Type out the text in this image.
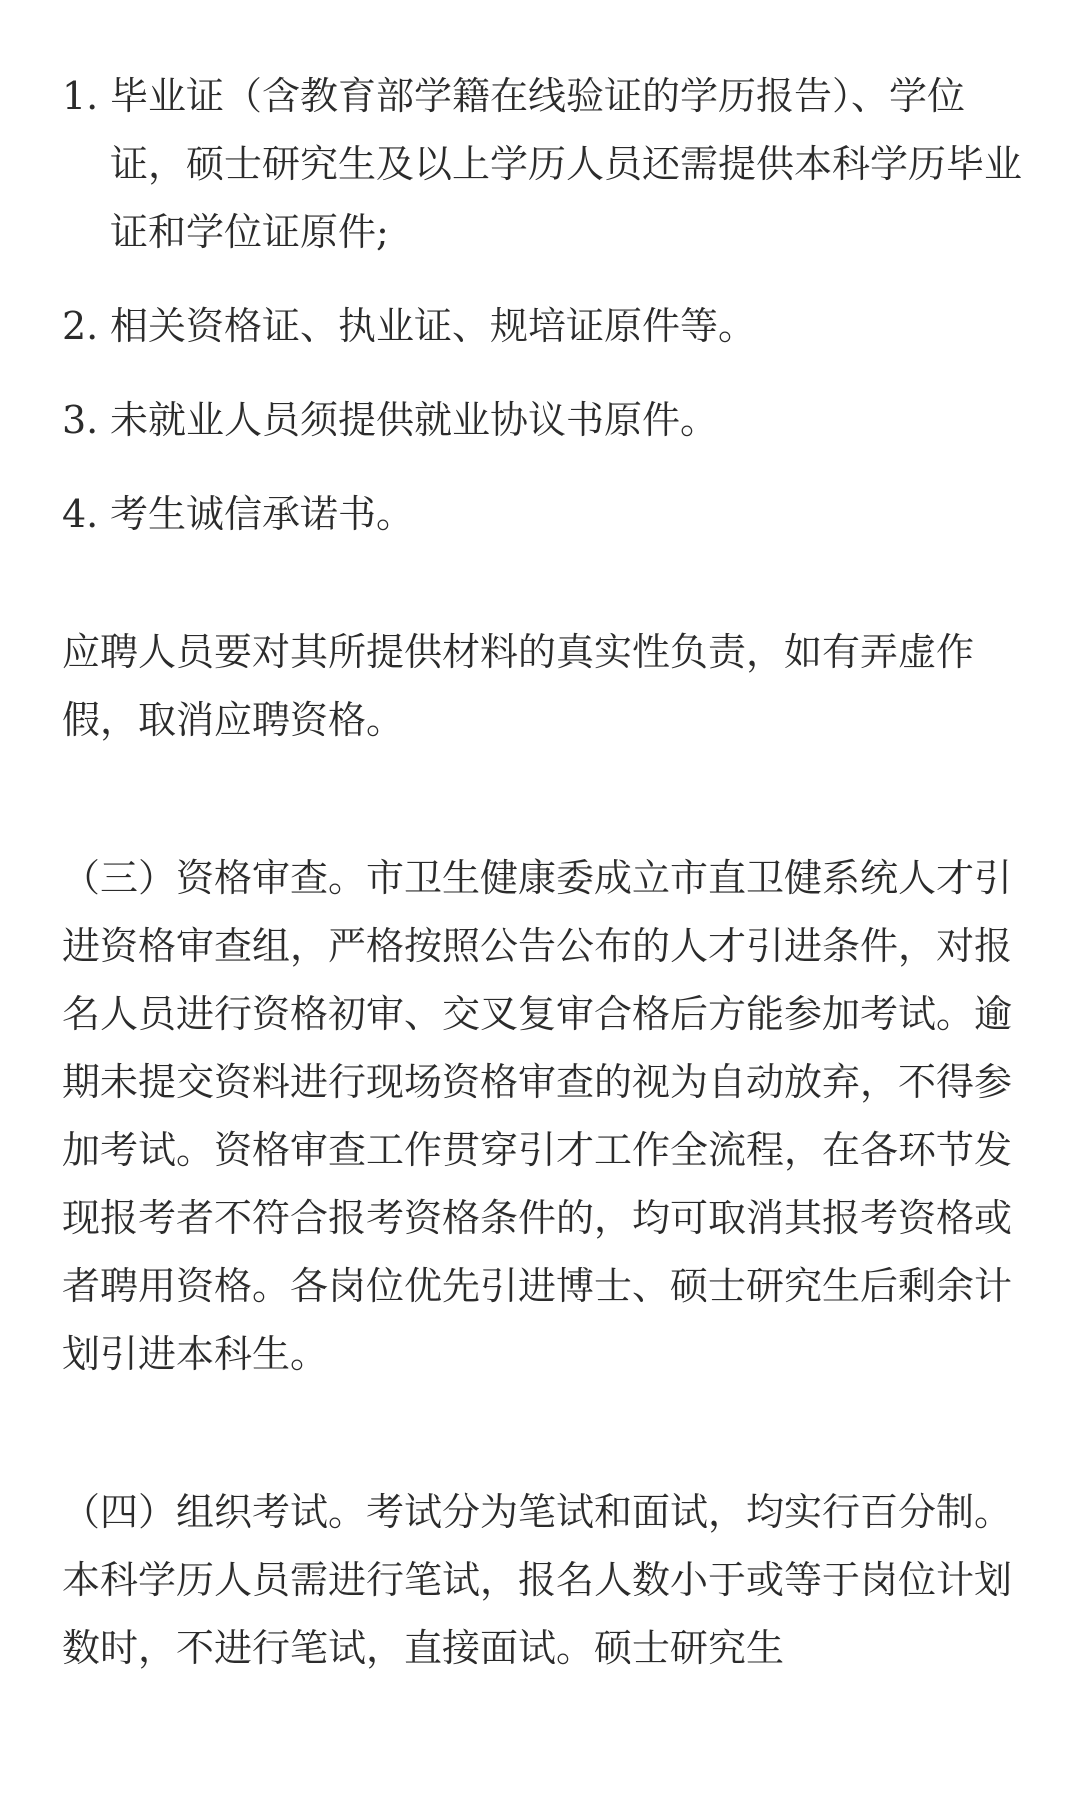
1. 毕业证（含教育部学籍在线验证的学历报告）、学位证，硕士研究生及以上学历人员还需提供本科学历毕业证和学位证原件;
2. 相关资格证、执业证、规培证原件等。
3. 未就业人员须提供就业协议书原件。
4. 考生诚信承诺书。

应聘人员要对其所提供材料的真实性负责，如有弄虚作假，取消应聘资格。

（三）资格审查。市卫生健康委成立市直卫健系统人才引进资格审查组，严格按照公告公布的人才引进条件，对报名人员进行资格初审、交叉复审合格后方能参加考试。逾期未提交资料进行现场资格审查的视为自动放弃，不得参加考试。资格审查工作贯穿引才工作全流程，在各环节发现报考者不符合报考资格条件的，均可取消其报考资格或者聘用资格。各岗位优先引进博士、硕士研究生后剩余计划引进本科生。

（四）组织考试。考试分为笔试和面试，均实行百分制。本科学历人员需进行笔试，报名人数小于或等于岗位计划数时，不进行笔试，直接面试。硕士研究生
